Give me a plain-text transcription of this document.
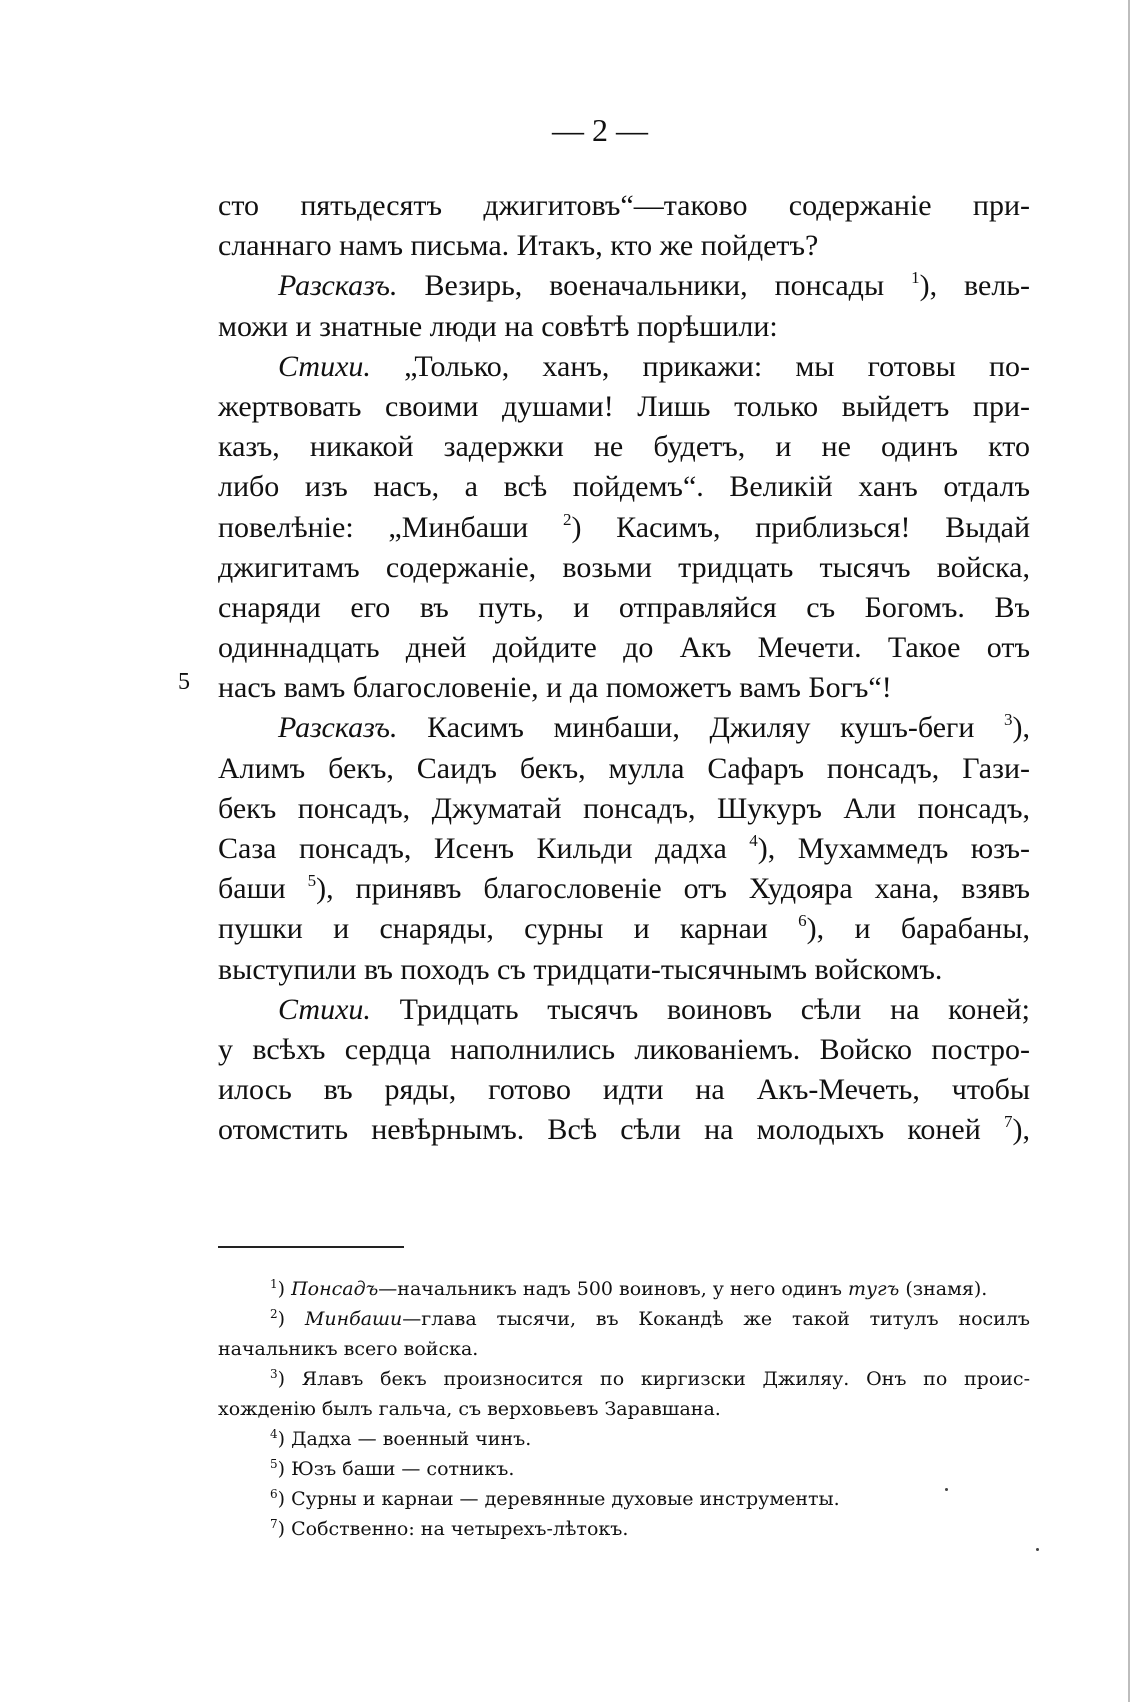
— 2 —
5
сто пятьдесятъ джигитовъ“—таково содержаніе при-
сланнаго намъ письма. Итакъ, кто же пойдетъ?
Разсказъ. Везирь, военачальники, понсады $^1$), вель-
можи и знатные люди на совѣтѣ порѣшили:
Стихи. „Только, ханъ, прикажи: мы готовы по-
жертвовать своими душами! Лишь только выйдетъ при-
казъ, никакой задержки не будетъ, и не одинъ кто
либо изъ насъ, а всѣ пойдемъ“. Великій ханъ отдалъ
повелѣніе: „Минбаши $^2$) Касимъ, приблизься! Выдай
джигитамъ содержаніе, возьми тридцать тысячъ войска,
снаряди его въ путь, и отправляйся съ Богомъ. Въ
одиннадцать дней дойдите до Акъ Мечети. Такое отъ
насъ вамъ благословеніе, и да поможетъ вамъ Богъ“!
Разсказъ. Касимъ минбаши, Джиляу кушъ-беги $^3$),
Алимъ бекъ, Саидъ бекъ, мулла Сафаръ понсадъ, Гази-
бекъ понсадъ, Джуматай понсадъ, Шукуръ Али понсадъ,
Саза понсадъ, Исенъ Кильди дадха $^4$), Мухаммедъ юзъ-
баши $^5$), принявъ благословеніе отъ Худояра хана, взявъ
пушки и снаряды, сурны и карнаи $^6$), и барабаны,
выступили въ походъ съ тридцати-тысячнымъ войскомъ.
Стихи. Тридцать тысячъ воиновъ сѣли на коней;
у всѣхъ сердца наполнились ликованіемъ. Войско постро-
илось въ ряды, готово идти на Акъ-Мечеть, чтобы
отомстить невѣрнымъ. Всѣ сѣли на молодыхъ коней $^7$),
$^1$) Понсадъ—начальникъ надъ 500 воиновъ, у него одинъ тугъ (знамя).
$^2$) Минбаши—глава тысячи, въ Кокандѣ же такой титулъ носилъ
начальникъ всего войска.
$^3$) Ялавъ бекъ произносится по киргизски Джиляу. Онъ по проис-
хожденію былъ гальча, съ верховьевъ Заравшана.
$^4$) Дадха — военный чинъ.
$^5$) Юзъ баши — сотникъ.
$^6$) Сурны и карнаи — деревянные духовые инструменты.
$^7$) Собственно: на четырехъ-лѣтокъ.
